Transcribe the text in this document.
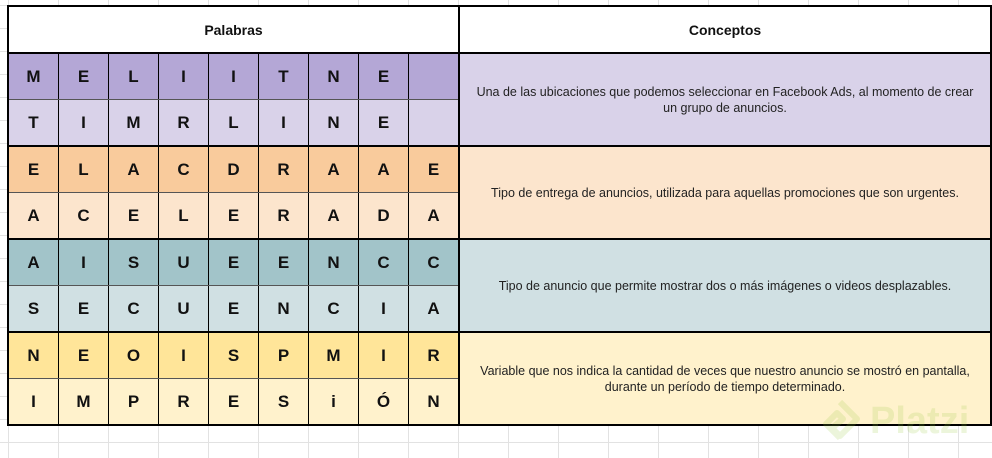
Palabras									Conceptos
M	E	L	I	I	T	N	E		Una de las ubicaciones que podemos seleccionar en Facebook Ads, al momento de crear un grupo de anuncios.
T	I	M	R	L	I	N	E		
E	L	A	C	D	R	A	A	E	Tipo de entrega de anuncios, utilizada para aquellas promociones que son urgentes.
A	C	E	L	E	R	A	D	A	
A	I	S	U	E	E	N	C	C	Tipo de anuncio que permite mostrar dos o más imágenes o videos desplazables.
S	E	C	U	E	N	C	I	A	
N	E	O	I	S	P	M	I	R	Variable que nos indica la cantidad de veces que nuestro anuncio se mostró en pantalla, durante un período de tiempo determinado.
I	M	P	R	E	S	i	Ó	N		Platzi
